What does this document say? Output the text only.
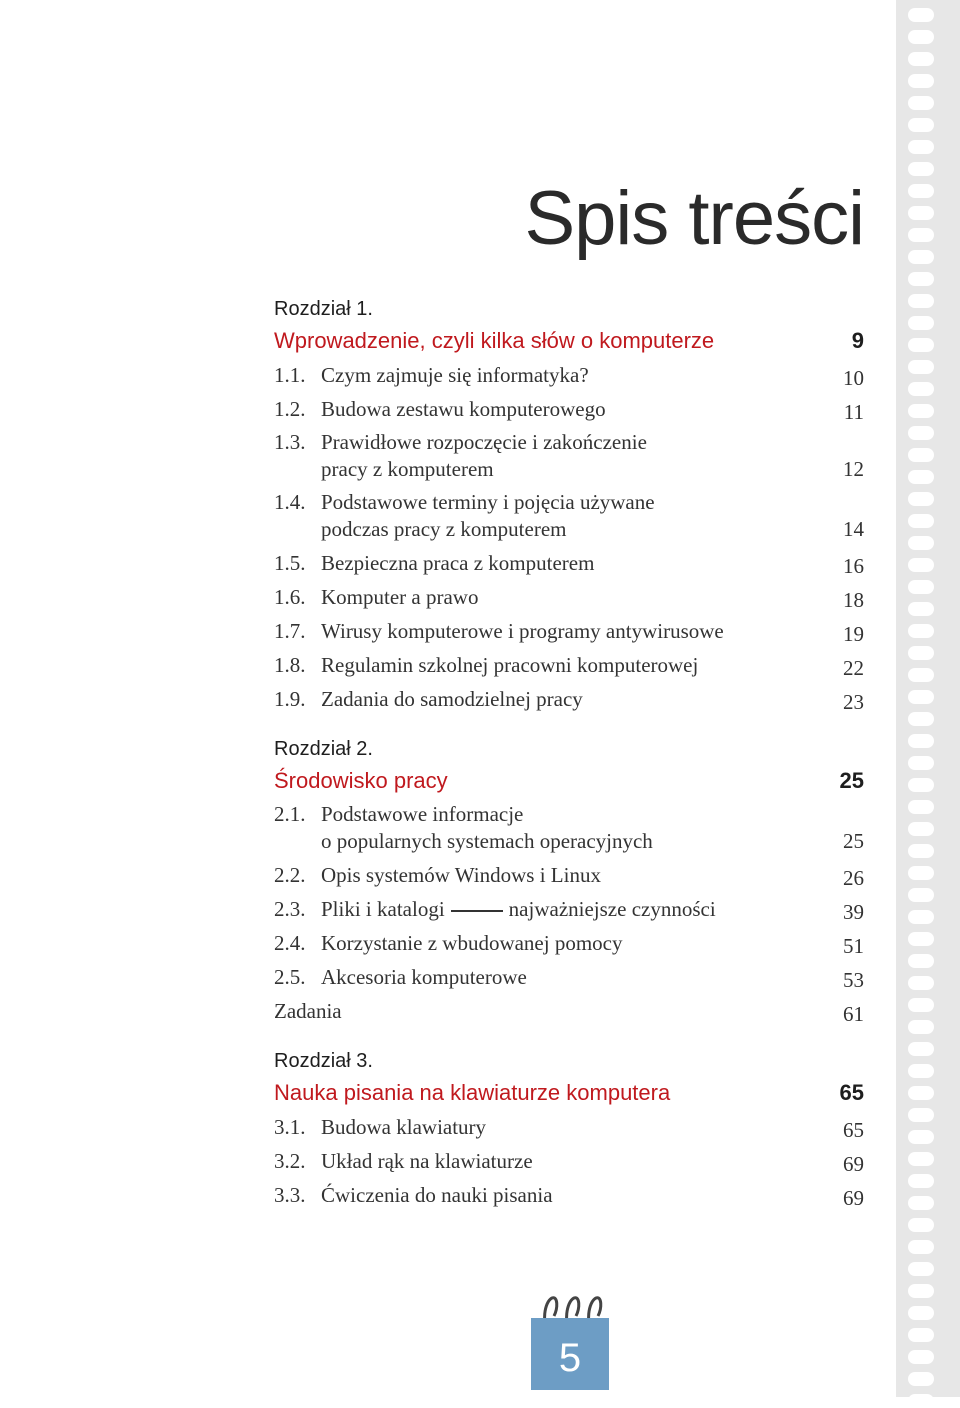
Spis treści
Rozdział 1.
Wprowadzenie, czyli kilka słów o komputerze	9
1.1. Czym zajmuje się informatyka?	10
1.2. Budowa zestawu komputerowego	11
1.3. Prawidłowe rozpoczęcie i zakończenie
pracy z komputerem	12
1.4. Podstawowe terminy i pojęcia używane
podczas pracy z komputerem	14
1.5. Bezpieczna praca z komputerem	16
1.6. Komputer a prawo	18
1.7. Wirusy komputerowe i programy antywirusowe	19
1.8. Regulamin szkolnej pracowni komputerowej	22
1.9. Zadania do samodzielnej pracy	23
Rozdział 2.
Środowisko pracy	25
2.1. Podstawowe informacje
o popularnych systemach operacyjnych	25
2.2. Opis systemów Windows i Linux	26
2.3. Pliki i katalogi	najważniejsze czynności	39
2.4. Korzystanie z wbudowanej pomocy	51
2.5. Akcesoria komputerowe	53
Zadania	61
Rozdział 3.
Nauka pisania na klawiaturze komputera	65
3.1. Budowa klawiatury	65
3.2. Układ rąk na klawiaturze	69
3.3. Ćwiczenia do nauki pisania	69
5
